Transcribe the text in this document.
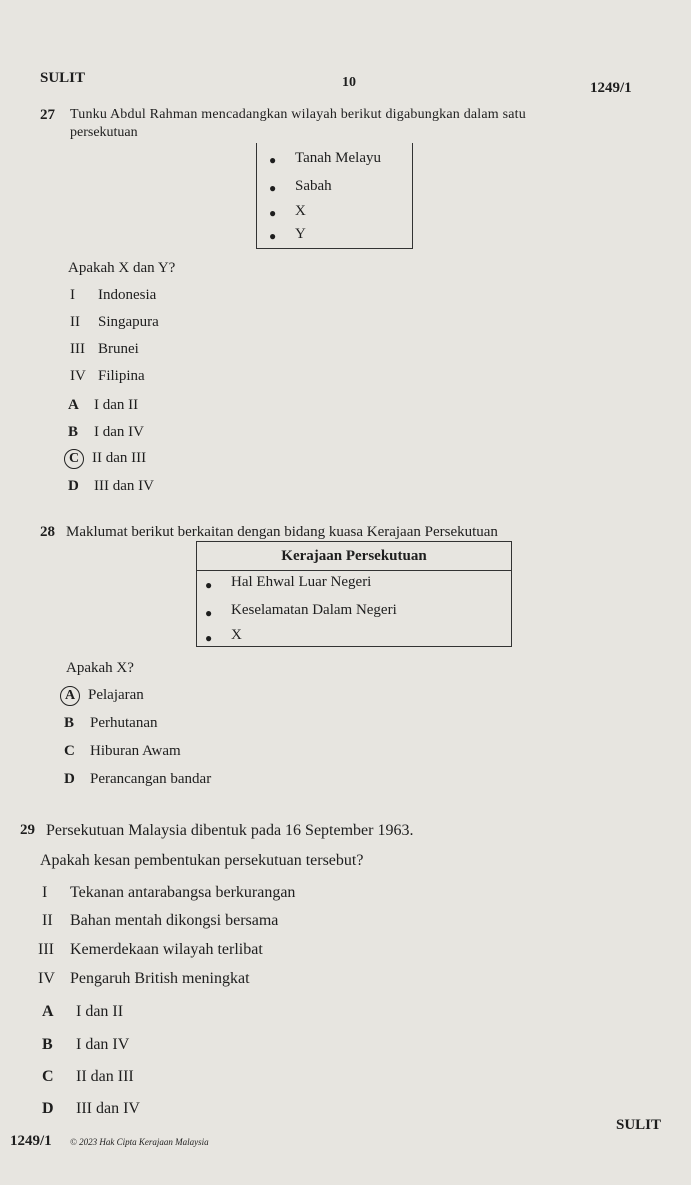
SULIT	10	1249/1
27 Tunku Abdul Rahman mencadangkan wilayah berikut digabungkan dalam satu
persekutuan
● Tanah Melayu
● Sabah
● X
● Y
Apakah X dan Y?
I Indonesia
II Singapura
III Brunei
IV Filipina
A I dan II
B I dan IV
C II dan III
D III dan IV
28 Maklumat berikut berkaitan dengan bidang kuasa Kerajaan Persekutuan
Kerajaan Persekutuan
● Hal Ehwal Luar Negeri
● Keselamatan Dalam Negeri
● X
Apakah X?
A Pelajaran
B Perhutanan
C Hiburan Awam
D Perancangan bandar
29 Persekutuan Malaysia dibentuk pada 16 September 1963.
Apakah kesan pembentukan persekutuan tersebut?
I Tekanan antarabangsa berkurangan
II Bahan mentah dikongsi bersama
III Kemerdekaan wilayah terlibat
IV Pengaruh British meningkat
A I dan II
B I dan IV
C II dan III
D III dan IV
1249/1 © 2023 Hak Cipta Kerajaan Malaysia
SULIT
